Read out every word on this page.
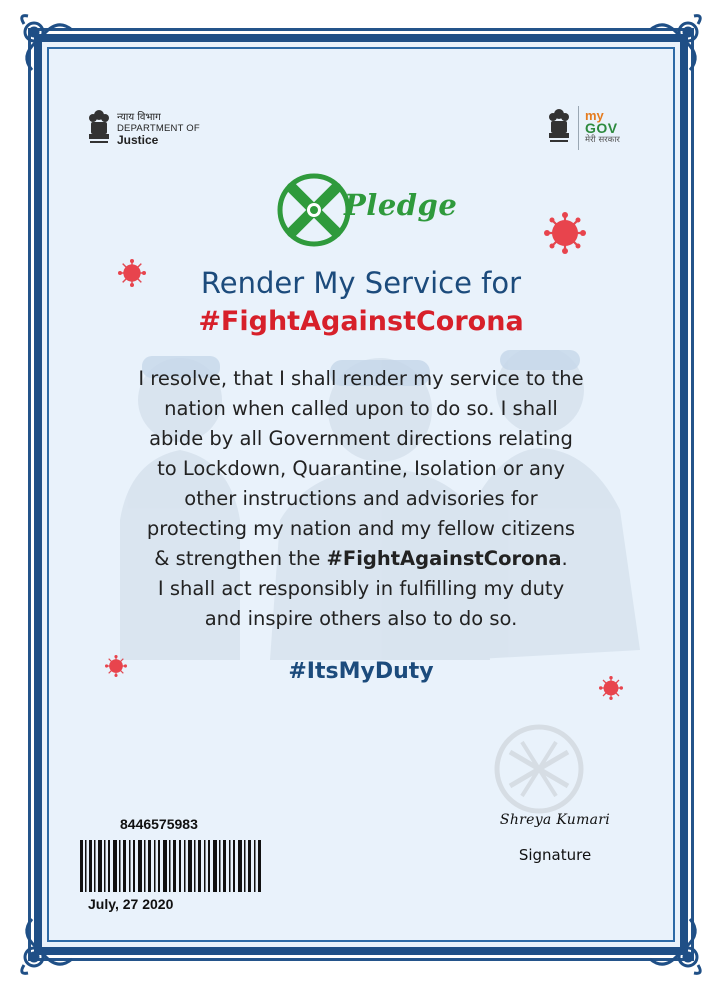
न्याय विभाग
DEPARTMENT OF
Justice
my
GOV
मेरी सरकार
Pledge
Render My Service for
#FightAgainstCorona
I resolve, that I shall render my service to the
nation when called upon to do so. I shall
abide by all Government directions relating
to Lockdown, Quarantine, Isolation or any
other instructions and advisories for
protecting my nation and my fellow citizens
& strengthen the #FightAgainstCorona.
I shall act responsibly in fulfilling my duty
and inspire others also to do so.
#ItsMyDuty
8446575983
July, 27 2020
Shreya Kumari
Signature
